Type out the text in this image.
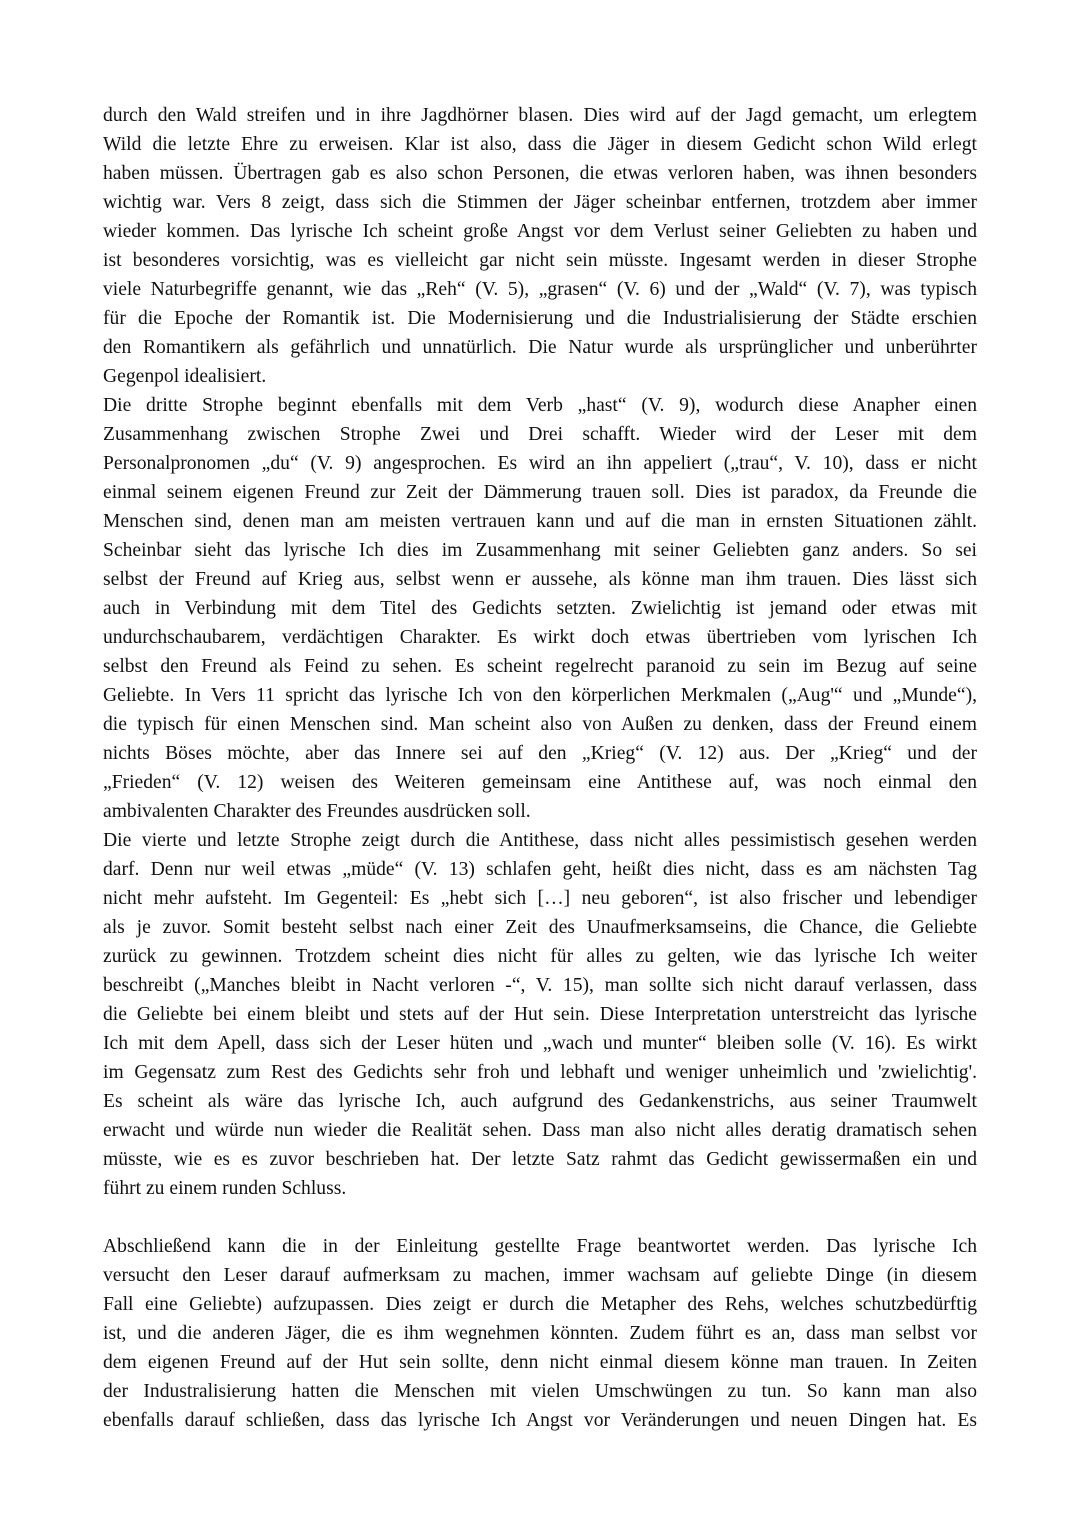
durch den Wald streifen und in ihre Jagdhörner blasen. Dies wird auf der Jagd gemacht, um erlegtem
Wild die letzte Ehre zu erweisen. Klar ist also, dass die Jäger in diesem Gedicht schon Wild erlegt
haben müssen. Übertragen gab es also schon Personen, die etwas verloren haben, was ihnen besonders
wichtig war. Vers 8 zeigt, dass sich die Stimmen der Jäger scheinbar entfernen, trotzdem aber immer
wieder kommen. Das lyrische Ich scheint große Angst vor dem Verlust seiner Geliebten zu haben und
ist besonderes vorsichtig, was es vielleicht gar nicht sein müsste. Ingesamt werden in dieser Strophe
viele Naturbegriffe genannt, wie das „Reh“ (V. 5), „grasen“ (V. 6) und der „Wald“ (V. 7), was typisch
für die Epoche der Romantik ist. Die Modernisierung und die Industrialisierung der Städte erschien
den Romantikern als gefährlich und unnatürlich. Die Natur wurde als ursprünglicher und unberührter
Gegenpol idealisiert.
Die dritte Strophe beginnt ebenfalls mit dem Verb „hast“ (V. 9), wodurch diese Anapher einen
Zusammenhang zwischen Strophe Zwei und Drei schafft. Wieder wird der Leser mit dem
Personalpronomen „du“ (V. 9) angesprochen. Es wird an ihn appeliert („trau“, V. 10), dass er nicht
einmal seinem eigenen Freund zur Zeit der Dämmerung trauen soll. Dies ist paradox, da Freunde die
Menschen sind, denen man am meisten vertrauen kann und auf die man in ernsten Situationen zählt.
Scheinbar sieht das lyrische Ich dies im Zusammenhang mit seiner Geliebten ganz anders. So sei
selbst der Freund auf Krieg aus, selbst wenn er aussehe, als könne man ihm trauen. Dies lässt sich
auch in Verbindung mit dem Titel des Gedichts setzten. Zwielichtig ist jemand oder etwas mit
undurchschaubarem, verdächtigen Charakter. Es wirkt doch etwas übertrieben vom lyrischen Ich
selbst den Freund als Feind zu sehen. Es scheint regelrecht paranoid zu sein im Bezug auf seine
Geliebte. In Vers 11 spricht das lyrische Ich von den körperlichen Merkmalen („Aug'“ und „Munde“),
die typisch für einen Menschen sind. Man scheint also von Außen zu denken, dass der Freund einem
nichts Böses möchte, aber das Innere sei auf den „Krieg“ (V. 12) aus. Der „Krieg“ und der
„Frieden“ (V. 12) weisen des Weiteren gemeinsam eine Antithese auf, was noch einmal den
ambivalenten Charakter des Freundes ausdrücken soll.
Die vierte und letzte Strophe zeigt durch die Antithese, dass nicht alles pessimistisch gesehen werden
darf. Denn nur weil etwas „müde“ (V. 13) schlafen geht, heißt dies nicht, dass es am nächsten Tag
nicht mehr aufsteht. Im Gegenteil: Es „hebt sich […] neu geboren“, ist also frischer und lebendiger
als je zuvor. Somit besteht selbst nach einer Zeit des Unaufmerksamseins, die Chance, die Geliebte
zurück zu gewinnen. Trotzdem scheint dies nicht für alles zu gelten, wie das lyrische Ich weiter
beschreibt („Manches bleibt in Nacht verloren -“, V. 15), man sollte sich nicht darauf verlassen, dass
die Geliebte bei einem bleibt und stets auf der Hut sein. Diese Interpretation unterstreicht das lyrische
Ich mit dem Apell, dass sich der Leser hüten und „wach und munter“ bleiben solle (V. 16). Es wirkt
im Gegensatz zum Rest des Gedichts sehr froh und lebhaft und weniger unheimlich und 'zwielichtig'.
Es scheint als wäre das lyrische Ich, auch aufgrund des Gedankenstrichs, aus seiner Traumwelt
erwacht und würde nun wieder die Realität sehen. Dass man also nicht alles deratig dramatisch sehen
müsste, wie es es zuvor beschrieben hat. Der letzte Satz rahmt das Gedicht gewissermaßen ein und
führt zu einem runden Schluss.
Abschließend kann die in der Einleitung gestellte Frage beantwortet werden. Das lyrische Ich
versucht den Leser darauf aufmerksam zu machen, immer wachsam auf geliebte Dinge (in diesem
Fall eine Geliebte) aufzupassen. Dies zeigt er durch die Metapher des Rehs, welches schutzbedürftig
ist, und die anderen Jäger, die es ihm wegnehmen könnten. Zudem führt es an, dass man selbst vor
dem eigenen Freund auf der Hut sein sollte, denn nicht einmal diesem könne man trauen. In Zeiten
der Industralisierung hatten die Menschen mit vielen Umschwüngen zu tun. So kann man also
ebenfalls darauf schließen, dass das lyrische Ich Angst vor Veränderungen und neuen Dingen hat. Es
